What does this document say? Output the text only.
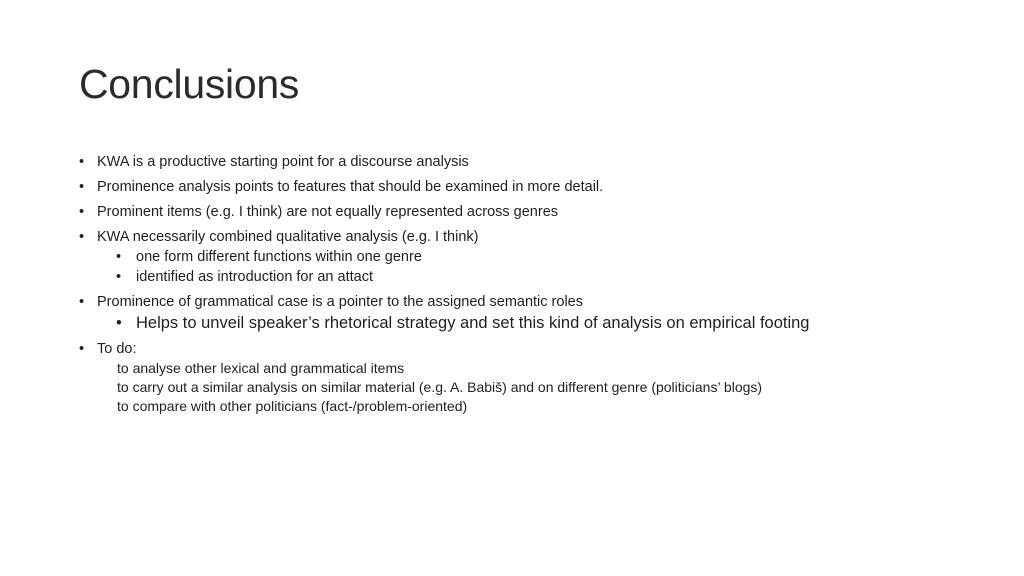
Conclusions
• KWA is a productive starting point for a discourse analysis
• Prominence analysis points to features that should be examined in more detail.
• Prominent items (e.g. I think) are not equally represented across genres
• KWA necessarily combined qualitative analysis (e.g. I think)
• one form different functions within one genre
• identified as introduction for an attact
• Prominence of grammatical case is a pointer to the assigned semantic roles
• Helps to unveil speaker’s rhetorical strategy and set this kind of analysis on empirical footing
• To do:
to analyse other lexical and grammatical items
to carry out a similar analysis on similar material (e.g. A. Babiš) and on different genre (politicians’ blogs)
to compare with other politicians (fact-/problem-oriented)
